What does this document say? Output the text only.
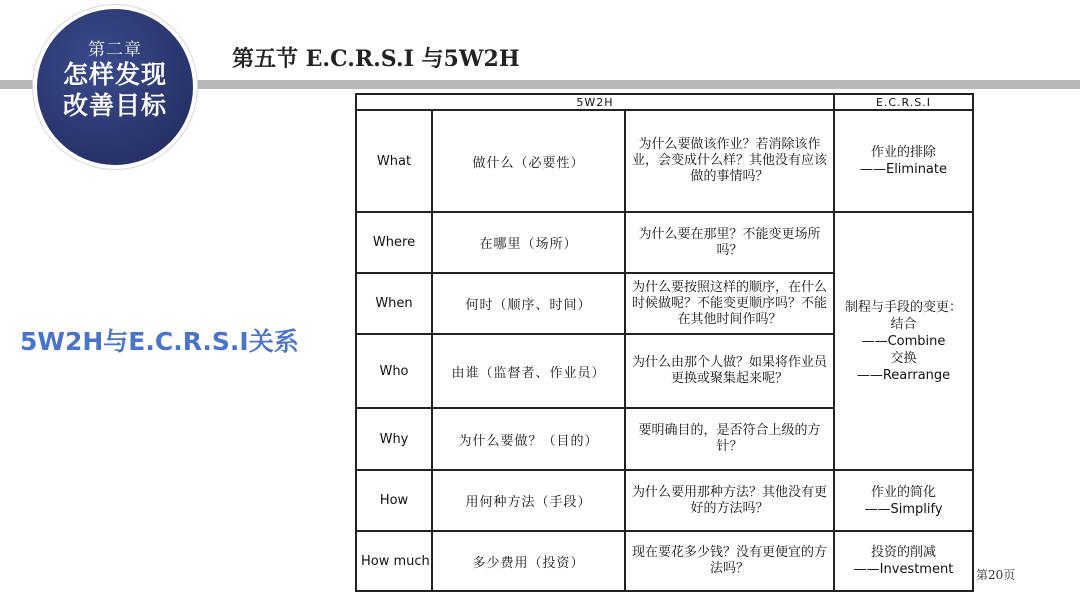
第二章
怎样发现
改善目标
第五节 E.C.R.S.I 与5W2H
5W2H与E.C.R.S.I关系
5W2H			E.C.R.S.I
What	做什么（必要性）	为什么要做该作业？若消除该作业，会变成什么样？其他没有应该做的事情吗？	作业的排除
——Eliminate

Where	在哪里（场所）	为什么要在那里？不能变更场所吗？	制程与手段的变更：结合
——Combine
交换
——Rearrange

When	何时（顺序、时间）	为什么要按照这样的顺序，在什么时候做呢？不能变更顺序吗？不能在其他时间作吗？	
Who	由谁（监督者、作业员）	为什么由那个人做？如果将作业员更换或聚集起来呢？	
Why	为什么要做？（目的）	要明确目的，是否符合上级的方针？	
How	用何种方法（手段）	为什么要用那种方法？其他没有更好的方法吗？	作业的简化
——Simplify

How much	多少费用（投资）	现在要花多少钱？没有更便宜的方法吗？	投资的削减
——Investment	第20页
